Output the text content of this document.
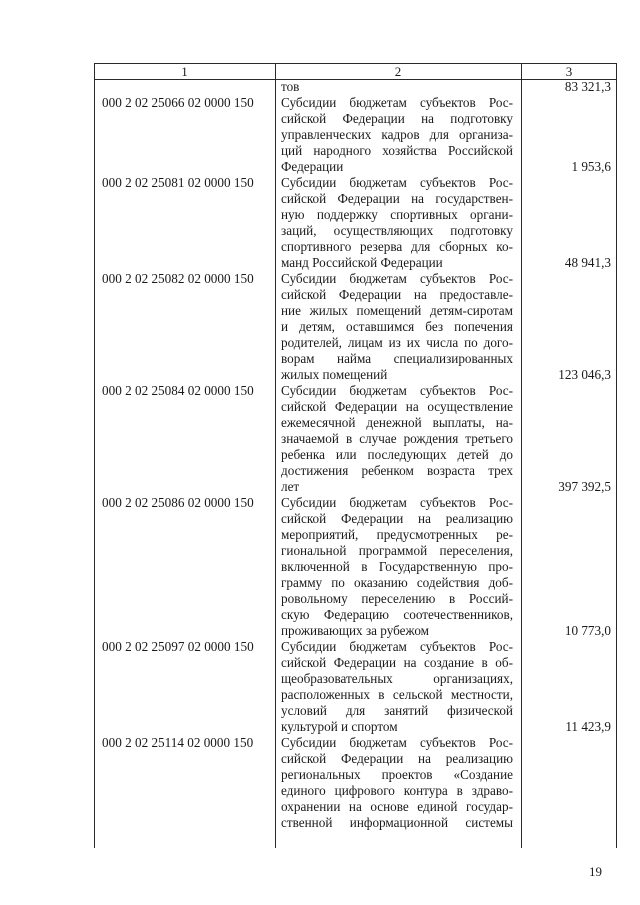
1	2	3
тов	83 321,3
000 2 02 25066 02 0000 150 Субсидии бюджетам субъектов Рос-
сийской Федерации на подготовку
управленческих кадров для организа-
ций народного хозяйства Российской
Федерации	1 953,6
000 2 02 25081 02 0000 150 Субсидии бюджетам субъектов Рос-
сийской Федерации на государствен-
ную поддержку спортивных органи-
заций, осуществляющих подготовку
спортивного резерва для сборных ко-
манд Российской Федерации	48 941,3
000 2 02 25082 02 0000 150 Субсидии бюджетам субъектов Рос-
сийской Федерации на предоставле-
ние жилых помещений детям-сиротам
и детям, оставшимся без попечения
родителей, лицам из их числа по дого-
ворам найма специализированных
жилых помещений	123 046,3
000 2 02 25084 02 0000 150 Субсидии бюджетам субъектов Рос-
сийской Федерации на осуществление
ежемесячной денежной выплаты, на-
значаемой в случае рождения третьего
ребенка или последующих детей до
достижения ребенком возраста трех
лет	397 392,5
000 2 02 25086 02 0000 150 Субсидии бюджетам субъектов Рос-
сийской Федерации на реализацию
мероприятий, предусмотренных ре-
гиональной программой переселения,
включенной в Государственную про-
грамму по оказанию содействия доб-
ровольному переселению в Россий-
скую Федерацию соотечественников,
проживающих за рубежом	10 773,0
000 2 02 25097 02 0000 150 Субсидии бюджетам субъектов Рос-
сийской Федерации на создание в об-
щеобразовательных организациях,
расположенных в сельской местности,
условий для занятий физической
культурой и спортом	11 423,9
000 2 02 25114 02 0000 150 Субсидии бюджетам субъектов Рос-
сийской Федерации на реализацию
региональных проектов «Создание
единого цифрового контура в здраво-
охранении на основе единой государ-
ственной информационной системы
19
